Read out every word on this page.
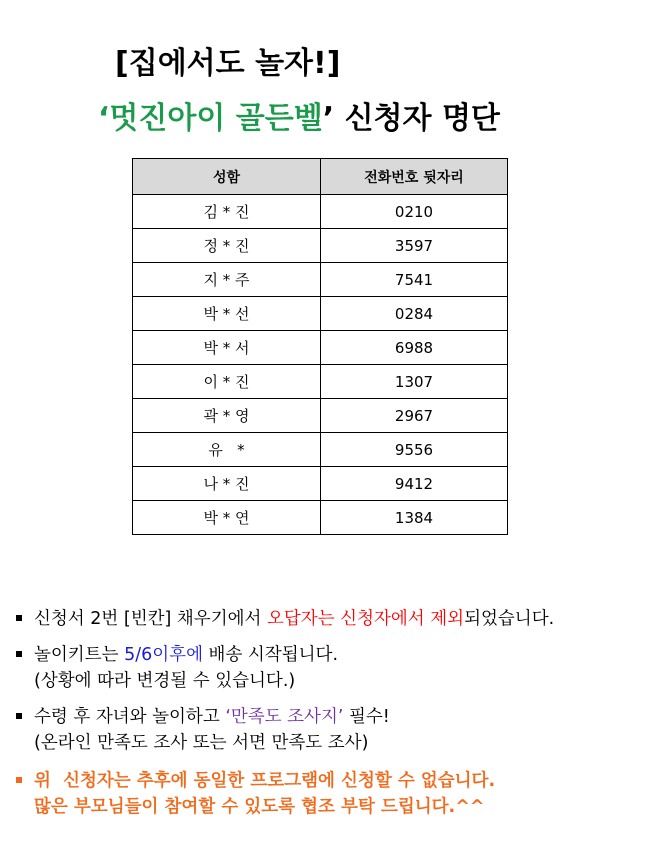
[집에서도 놀자!]
‘멋진아이 골든벨’ 신청자 명단
성함	전화번호 뒷자리
김 * 진	0210
정 * 진	3597
지 * 주	7541
박 * 선	0284
박 * 서	6988
이 * 진	1307
곽 * 영	2967
유   *	9556
나 * 진	9412
박 * 연	1384
신청서 2번 [빈칸] 채우기에서 오답자는 신청자에서 제외되었습니다.
놀이키트는 5/6이후에 배송 시작됩니다.
(상황에 따라 변경될 수 있습니다.)
수령 후 자녀와 놀이하고 ‘만족도 조사지’ 필수!
(온라인 만족도 조사 또는 서면 만족도 조사)
위  신청자는 추후에 동일한 프로그램에 신청할 수 없습니다.
많은 부모님들이 참여할 수 있도록 협조 부탁 드립니다.^^
